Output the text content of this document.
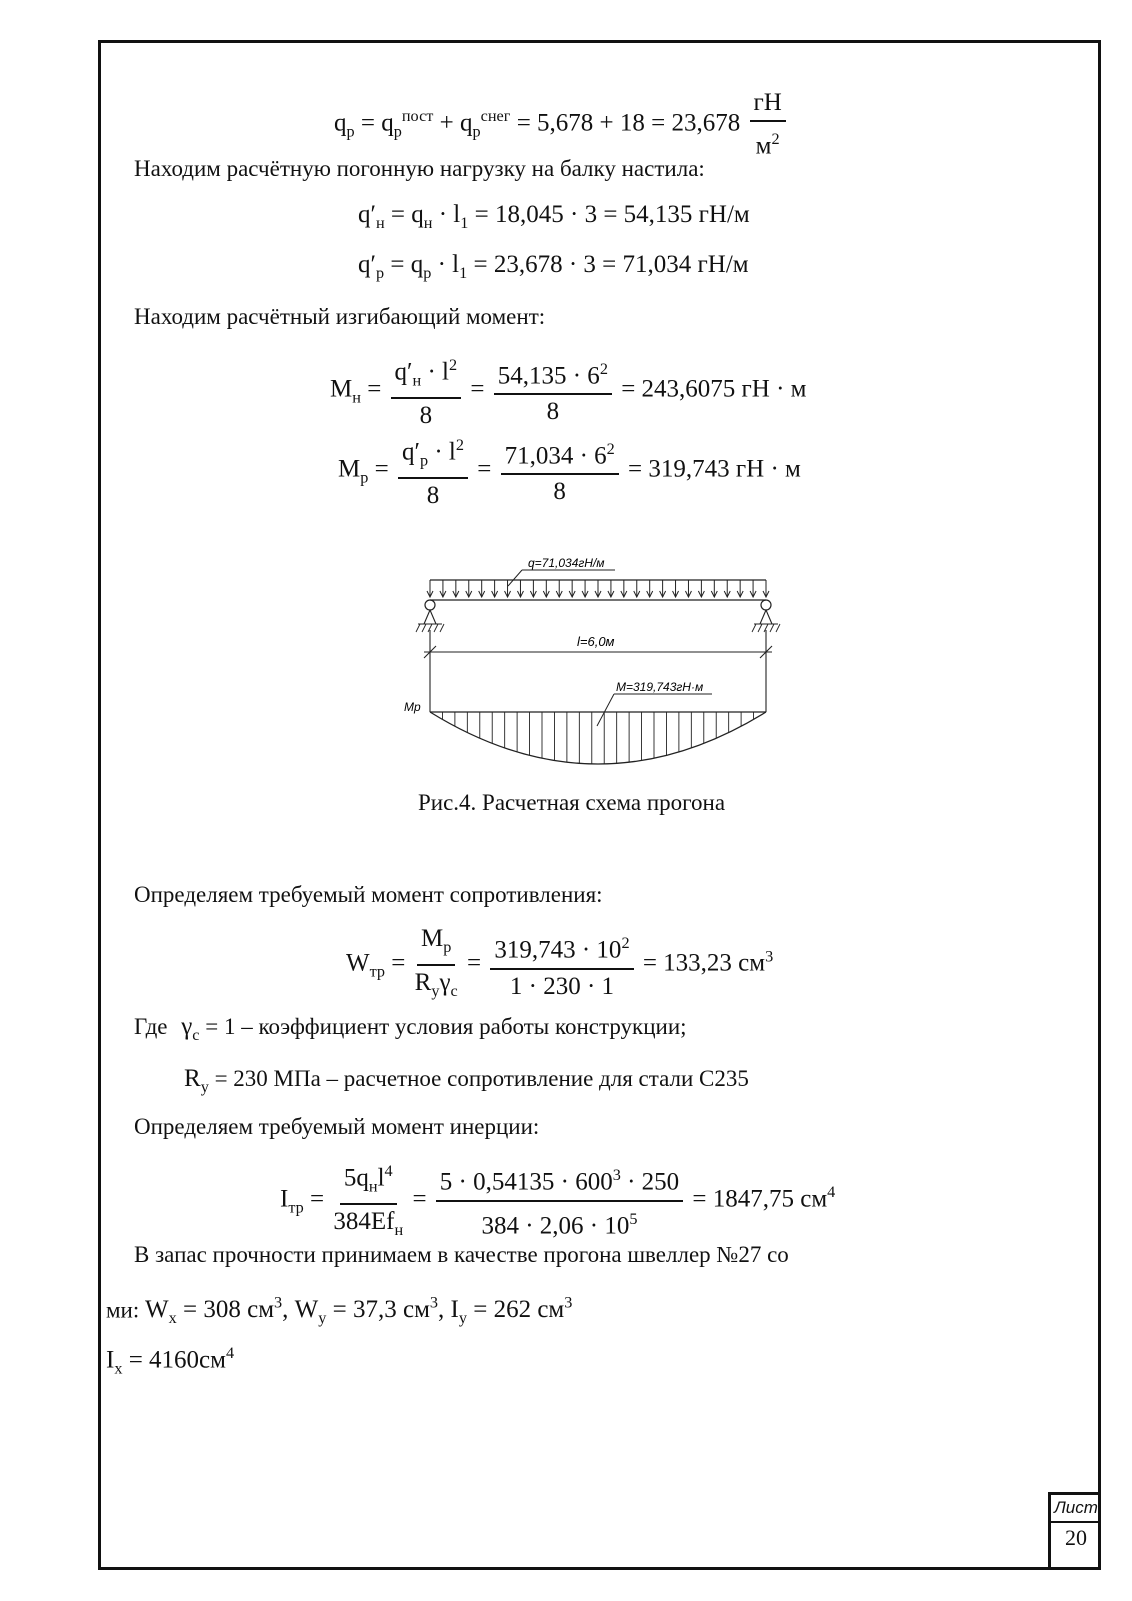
$q_р = q_р^{пост} + q_р^{снег} = 5,678 + 18 = 23,678 \frac{гН}{м^2}$
Находим расчётную погонную нагрузку на балку настила:
$q'_н = q_н \cdot l_1 = 18,045 \cdot 3 = 54,135$ гН/м
$q'_р = q_р \cdot l_1 = 23,678 \cdot 3 = 71,034$ гН/м
Находим расчётный изгибающий момент:
$M_н = \frac{q'_н \cdot l^2}{8} = \frac{54,135 \cdot 6^2}{8} = 243,6075$ гН · м
$M_р = \frac{q'_р \cdot l^2}{8} = \frac{71,034 \cdot 6^2}{8} = 319,743$ гН · м
q=71,034гН/м
l=6,0м
M=319,743гН·м
Мр
Рис.4. Расчетная схема прогона
Определяем требуемый момент сопротивления:
$W_{тр} = \frac{M_р}{R_y\gamma_c} = \frac{319,743 \cdot 10^2}{1 \cdot 230 \cdot 1} = 133,23$ $см^3$
Где $\gamma_c = 1$ – коэффициент условия работы конструкции;
$R_y = 230$ МПа – расчетное сопротивление для стали С235
Определяем требуемый момент инерции:
$I_{тр} = \frac{5q_нl^4}{384Ef_н} = \frac{5 \cdot 0,54135 \cdot 600^3 \cdot 250}{384 \cdot 2,06 \cdot 10^5} = 1847,75$ $см^4$
В запас прочности принимаем в качестве прогона швеллер №27 со
ми: $W_x = 308$ $см^3$, $W_y = 37,3$ $см^3$, $I_y = 262$ $см^3$
$I_x = 4160см^4$
Лист
20
